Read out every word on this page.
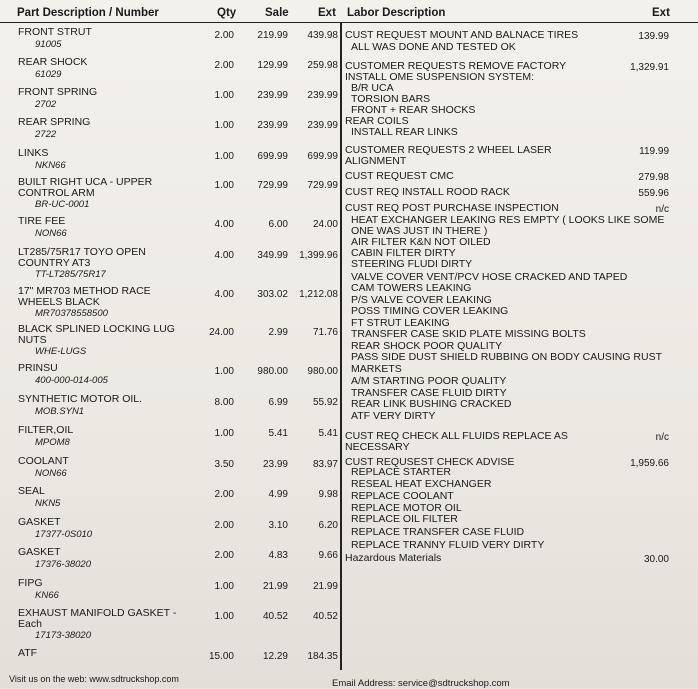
Part Description / Number	Qty	Sale	Ext Labor Description	Ext
FRONT STRUT
91005
2.00	219.99	439.98
REAR SHOCK
61029
2.00	129.99	259.98
FRONT SPRING
2702
1.00	239.99	239.99
REAR SPRING
2722
1.00	239.99	239.99
LINKS
NKN66
1.00	699.99	699.99
BUILT RIGHT UCA - UPPER
CONTROL ARM
BR-UC-0001
1.00	729.99	729.99
TIRE FEE
NON66
4.00	6.00	24.00
LT285/75R17 TOYO OPEN
COUNTRY AT3
TT-LT285/75R17
4.00	349.99	1,399.96
17" MR703 METHOD RACE
WHEELS BLACK
MR70378558500
4.00	303.02	1,212.08
BLACK SPLINED LOCKING LUG
NUTS
WHE-LUGS
24.00	2.99	71.76
PRINSU
400-000-014-005
1.00	980.00	980.00
SYNTHETIC MOTOR OIL.
MOB.SYN1
8.00	6.99	55.92
FILTER,OIL
MPOM8
1.00	5.41	5.41
COOLANT
NON66
3.50	23.99	83.97
SEAL
NKN5
2.00	4.99	9.98
GASKET
17377-0S010
2.00	3.10	6.20
GASKET
17376-38020
2.00	4.83	9.66
FIPG
KN66
1.00	21.99	21.99
EXHAUST MANIFOLD GASKET -
Each
17173-38020
1.00	40.52	40.52
ATF	15.00	12.29	184.35
CUST REQUEST MOUNT AND BALNACE TIRES	139.99
ALL WAS DONE AND TESTED OK
CUSTOMER REQUESTS REMOVE FACTORY	1,329.91
INSTALL OME SUSPENSION SYSTEM:
B/R UCA
TORSION BARS
FRONT + REAR SHOCKS
REAR COILS
INSTALL REAR LINKS
CUSTOMER REQUESTS 2 WHEEL LASER	119.99
ALIGNMENT
CUST REQUEST CMC	279.98
CUST REQ INSTALL ROOD RACK	559.96
CUST REQ POST PURCHASE INSPECTION	n/c
HEAT EXCHANGER LEAKING RES EMPTY ( LOOKS LIKE SOME
ONE WAS JUST IN THERE )
AIR FILTER K&N NOT OILED
CABIN FILTER DIRTY
STEERING FLUDI DIRTY
VALVE COVER VENT/PCV HOSE CRACKED AND TAPED
CAM TOWERS LEAKING
P/S VALVE COVER LEAKING
POSS TIMING COVER LEAKING
FT STRUT LEAKING
TRANSFER CASE SKID PLATE MISSING BOLTS
REAR SHOCK POOR QUALITY
PASS SIDE DUST SHIELD RUBBING ON BODY CAUSING RUST
MARKETS
A/M STARTING POOR QUALITY
TRANSFER CASE FLUID DIRTY
REAR LINK BUSHING CRACKED
ATF VERY DIRTY
CUST REQ CHECK ALL FLUIDS REPLACE AS	n/c
NECESSARY
CUST REQUSEST CHECK ADVISE	1,959.66
REPLACE STARTER
RESEAL HEAT EXCHANGER
REPLACE COOLANT
REPLACE MOTOR OIL
REPLACE OIL FILTER
REPLACE TRANSFER CASE FLUID
REPLACE TRANNY FLUID VERY DIRTY
Hazardous Materials	30.00
Visit us on the web: www.sdtruckshop.com	Email Address: service@sdtruckshop.com
